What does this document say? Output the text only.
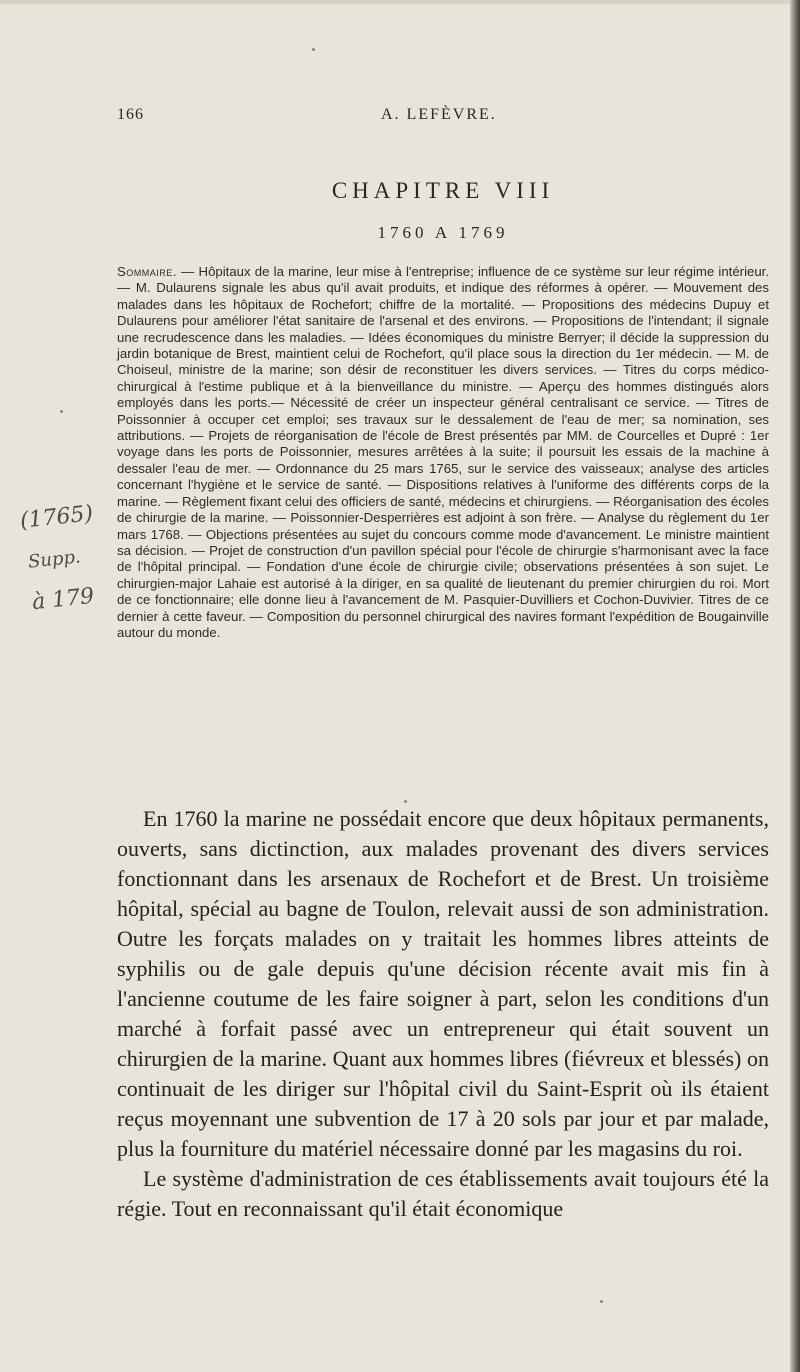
166	A. LEFÈVRE.
CHAPITRE VIII
1760 A 1769
Sommaire. — Hôpitaux de la marine, leur mise à l'entreprise; influence de ce système sur leur régime intérieur. — M. Dulaurens signale les abus qu'il avait produits, et indique des réformes à opérer. — Mouvement des malades dans les hôpitaux de Rochefort; chiffre de la mortalité. — Propositions des médecins Dupuy et Dulaurens pour améliorer l'état sanitaire de l'arsenal et des environs. — Propositions de l'intendant; il signale une recrudescence dans les maladies. — Idées économiques du ministre Berryer; il décide la suppression du jardin botanique de Brest, maintient celui de Rochefort, qu'il place sous la direction du 1er médecin. — M. de Choiseul, ministre de la marine; son désir de reconstituer les divers services. — Titres du corps médico-chirurgical à l'estime publique et à la bienveillance du ministre. — Aperçu des hommes distingués alors employés dans les ports.— Nécessité de créer un inspecteur général centralisant ce service. — Titres de Poissonnier à occuper cet emploi; ses travaux sur le dessalement de l'eau de mer; sa nomination, ses attributions. — Projets de réorganisation de l'école de Brest présentés par MM. de Courcelles et Dupré : 1er voyage dans les ports de Poissonnier, mesures arrêtées à la suite; il poursuit les essais de la machine à dessaler l'eau de mer. — Ordonnance du 25 mars 1765, sur le service des vaisseaux; analyse des articles concernant l'hygiène et le service de santé. — Dispositions relatives à l'uniforme des différents corps de la marine. — Règlement fixant celui des officiers de santé, médecins et chirurgiens. — Réorganisation des écoles de chirurgie de la marine. — Poissonnier-Desperrières est adjoint à son frère. — Analyse du règlement du 1er mars 1768. — Objections présentées au sujet du concours comme mode d'avancement. Le ministre maintient sa décision. — Projet de construction d'un pavillon spécial pour l'école de chirurgie s'harmonisant avec la face de l'hôpital principal. — Fondation d'une école de chirurgie civile; observations présentées à son sujet. Le chirurgien-major Lahaie est autorisé à la diriger, en sa qualité de lieutenant du premier chirurgien du roi. Mort de ce fonctionnaire; elle donne lieu à l'avancement de M. Pasquier-Duvilliers et Cochon-Duvivier. Titres de ce dernier à cette faveur. — Composition du personnel chirurgical des navires formant l'expédition de Bougainville autour du monde.
(1765)
Supp.
à 179

En 1760 la marine ne possédait encore que deux hôpitaux permanents, ouverts, sans dictinction, aux malades provenant des divers services fonctionnant dans les arsenaux de Rochefort et de Brest. Un troisième hôpital, spécial au bagne de Toulon, relevait aussi de son administration. Outre les forçats malades on y traitait les hommes libres atteints de syphilis ou de gale depuis qu'une décision récente avait mis fin à l'ancienne coutume de les faire soigner à part, selon les conditions d'un marché à forfait passé avec un entrepreneur qui était souvent un chirurgien de la marine. Quant aux hommes libres (fiévreux et blessés) on continuait de les diriger sur l'hôpital civil du Saint-Esprit où ils étaient reçus moyennant une subvention de 17 à 20 sols par jour et par malade, plus la fourniture du matériel nécessaire donné par les magasins du roi.

Le système d'administration de ces établissements avait toujours été la régie. Tout en reconnaissant qu'il était économique
